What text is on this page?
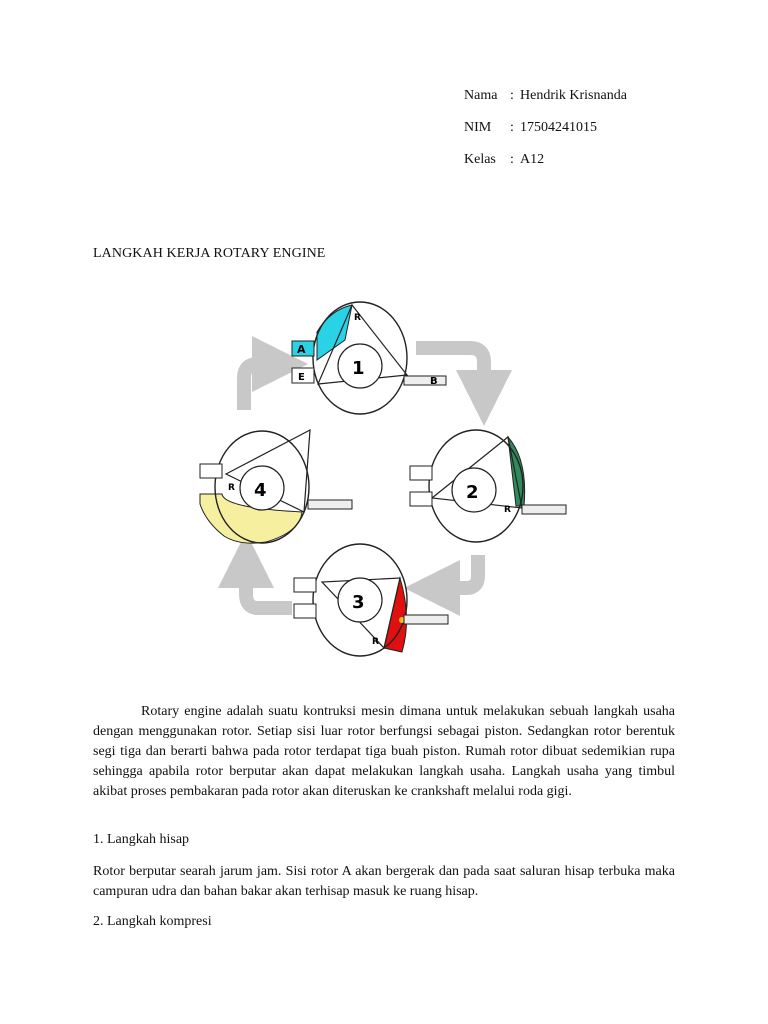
Nama : Hendrik Krisnanda
NIM : 17504241015
Kelas : A12
LANGKAH KERJA ROTARY ENGINE
1
R
A
E	B
2
R
3
R
4
R

Rotary engine adalah suatu kontruksi mesin dimana untuk melakukan sebuah langkah usaha dengan menggunakan rotor. Setiap sisi luar rotor berfungsi sebagai piston. Sedangkan rotor berentuk segi tiga dan berarti bahwa pada rotor terdapat tiga buah piston. Rumah rotor dibuat sedemikian rupa sehingga apabila rotor berputar akan dapat melakukan langkah usaha. Langkah usaha yang timbul akibat proses pembakaran pada rotor akan diteruskan ke crankshaft melalui roda gigi.

1. Langkah hisap

Rotor berputar searah jarum jam. Sisi rotor A akan bergerak dan pada saat saluran hisap terbuka maka campuran udra dan bahan bakar akan terhisap masuk ke ruang hisap.

2. Langkah kompresi
